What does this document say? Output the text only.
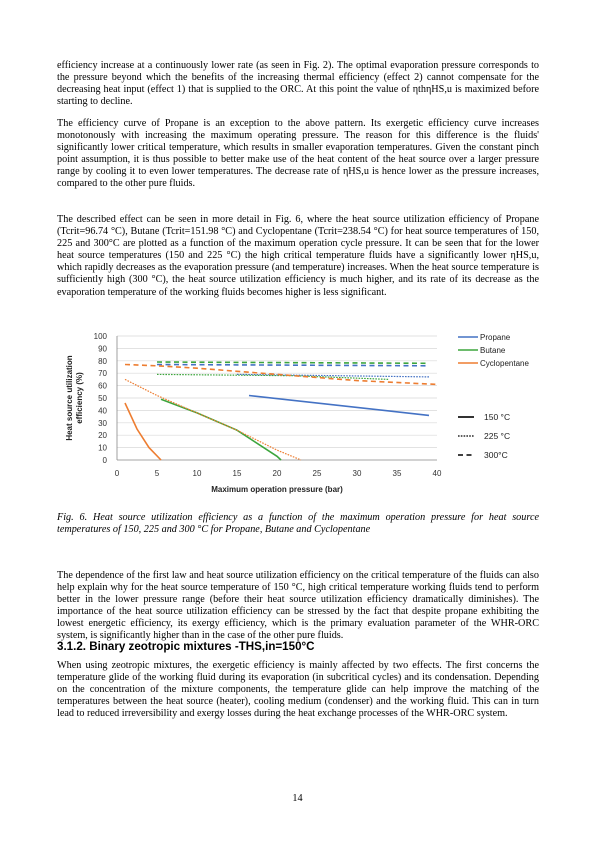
efficiency increase at a continuously lower rate (as seen in Fig. 2). The optimal evaporation pressure corresponds to the pressure beyond which the benefits of the increasing thermal efficiency (effect 2) cannot compensate for the decreasing heat input (effect 1) that is supplied to the ORC. At this point the value of ηthηHS,u is maximized before starting to decline.

The efficiency curve of Propane is an exception to the above pattern. Its exergetic efficiency curve increases monotonously with increasing the maximum operating pressure. The reason for this difference is the fluids' significantly lower critical temperature, which results in smaller evaporation temperatures. Given the constant pinch point assumption, it is thus possible to better make use of the heat content of the heat source over a larger pressure range by cooling it to even lower temperatures. The decrease rate of ηHS,u is hence lower as the pressure increases, compared to the other pure fluids.

The described effect can be seen in more detail in Fig. 6, where the heat source utilization efficiency of Propane (Tcrit=96.74 °C), Butane (Tcrit=151.98 °C) and Cyclopentane (Tcrit=238.54 °C) for heat source temperatures of 150, 225 and 300°C are plotted as a function of the maximum operation cycle pressure. It can be seen that for the lower heat source temperatures (150 and 225 °C) the high critical temperature fluids have a significantly lower ηHS,u, which rapidly decreases as the evaporation pressure (and temperature) increases. When the heat source temperature is sufficiently high (300 °C), the heat source utilization efficiency is much higher, and its rate of its decrease as the evaporation temperature of the working fluids becomes higher is less significant.

0
10
20
30
40
50
60
70
80
90
100
0	5	10	15	20	25	30	35	40
Maximum operation pressure (bar)
Heat source utilization efficiency (%)
Propane
Butane
Cyclopentane
150 °C
225 °C
300°C

Fig. 6. Heat source utilization efficiency as a function of the maximum operation pressure for heat source temperatures of 150, 225 and 300 °C for Propane, Butane and Cyclopentane

The dependence of the first law and heat source utilization efficiency on the critical temperature of the fluids can also help explain why for the heat source temperature of 150 °C, high critical temperature working fluids tend to perform better in the lower pressure range (before their heat source utilization efficiency dramatically diminishes). The importance of the heat source utilization efficiency can be stressed by the fact that despite propane exhibiting the lowest energetic efficiency, its exergy efficiency, which is the primary evaluation parameter of the WHR-ORC system, is significantly higher than in the case of the other pure fluids.

3.1.2. Binary zeotropic mixtures -THS,in=150°C

When using zeotropic mixtures, the exergetic efficiency is mainly affected by two effects. The first concerns the temperature glide of the working fluid during its evaporation (in subcritical cycles) and its condensation. Depending on the concentration of the mixture components, the temperature glide can help improve the matching of the temperatures between the heat source (heater), cooling medium (condenser) and the working fluid. This can in turn lead to reduced irreversibility and exergy losses during the heat exchange processes of the WHR-ORC system.

14
